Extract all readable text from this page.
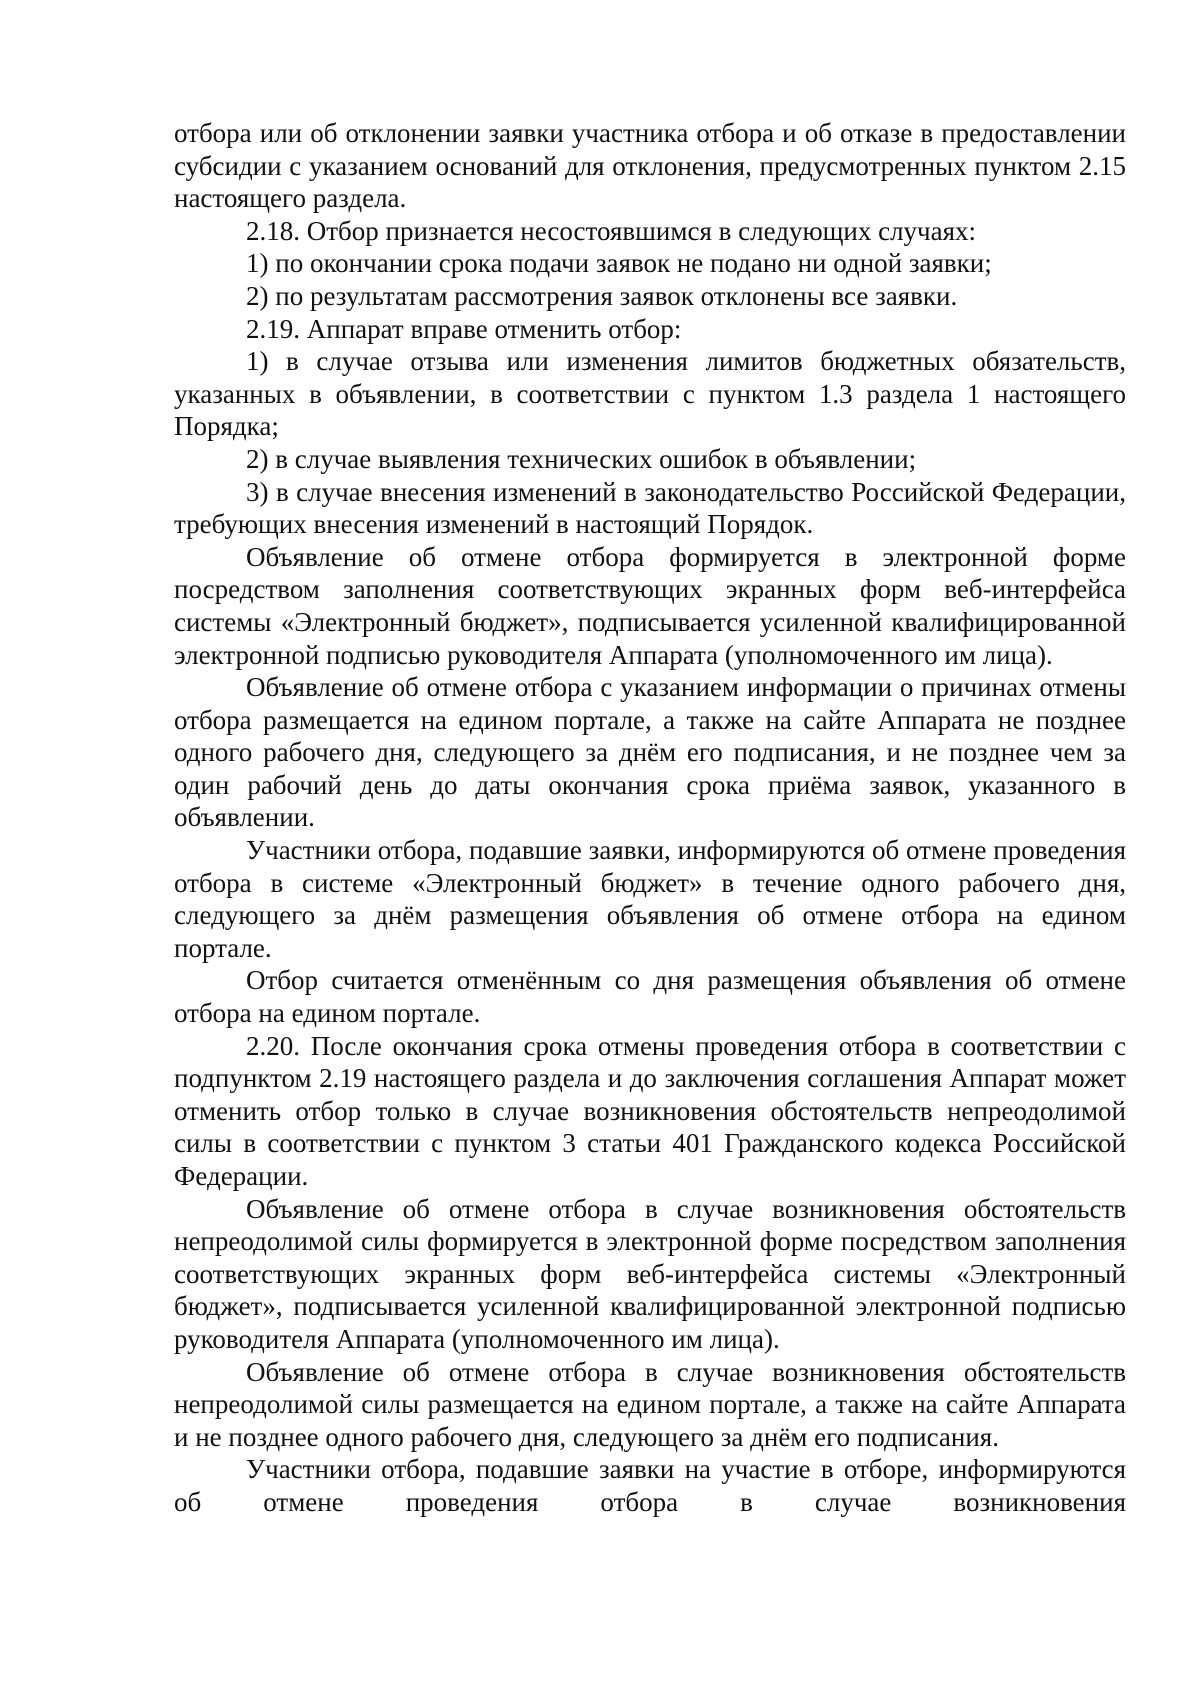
отбора или об отклонении заявки участника отбора и об отказе в предоставлении субсидии с указанием оснований для отклонения, предусмотренных пунктом 2.15 настоящего раздела.

2.18. Отбор признается несостоявшимся в следующих случаях:

1) по окончании срока подачи заявок не подано ни одной заявки;

2) по результатам рассмотрения заявок отклонены все заявки.

2.19. Аппарат вправе отменить отбор:

1) в случае отзыва или изменения лимитов бюджетных обязательств, указанных в объявлении, в соответствии с пунктом 1.3 раздела 1 настоящего Порядка;

2) в случае выявления технических ошибок в объявлении;

3) в случае внесения изменений в законодательство Российской Федерации, требующих внесения изменений в настоящий Порядок.

Объявление об отмене отбора формируется в электронной форме посредством заполнения соответствующих экранных форм веб-интерфейса системы «Электронный бюджет», подписывается усиленной квалифицированной электронной подписью руководителя Аппарата (уполномоченного им лица).

Объявление об отмене отбора с указанием информации о причинах отмены отбора размещается на едином портале, а также на сайте Аппарата не позднее одного рабочего дня, следующего за днём его подписания, и не позднее чем за один рабочий день до даты окончания срока приёма заявок, указанного в объявлении.

Участники отбора, подавшие заявки, информируются об отмене проведения отбора в системе «Электронный бюджет» в течение одного рабочего дня, следующего за днём размещения объявления об отмене отбора на едином портале.

Отбор считается отменённым со дня размещения объявления об отмене отбора на едином портале.

2.20. После окончания срока отмены проведения отбора в соответствии с подпунктом 2.19 настоящего раздела и до заключения соглашения Аппарат может отменить отбор только в случае возникновения обстоятельств непреодолимой силы в соответствии с пунктом 3 статьи 401 Гражданского кодекса Российской Федерации.

Объявление об отмене отбора в случае возникновения обстоятельств непреодолимой силы формируется в электронной форме посредством заполнения соответствующих экранных форм веб-интерфейса системы «Электронный бюджет», подписывается усиленной квалифицированной электронной подписью руководителя Аппарата (уполномоченного им лица).

Объявление об отмене отбора в случае возникновения обстоятельств непреодолимой силы размещается на едином портале, а также на сайте Аппарата и не позднее одного рабочего дня, следующего за днём его подписания.

Участники отбора, подавшие заявки на участие в отборе, информируются об отмене проведения отбора в случае возникновения
